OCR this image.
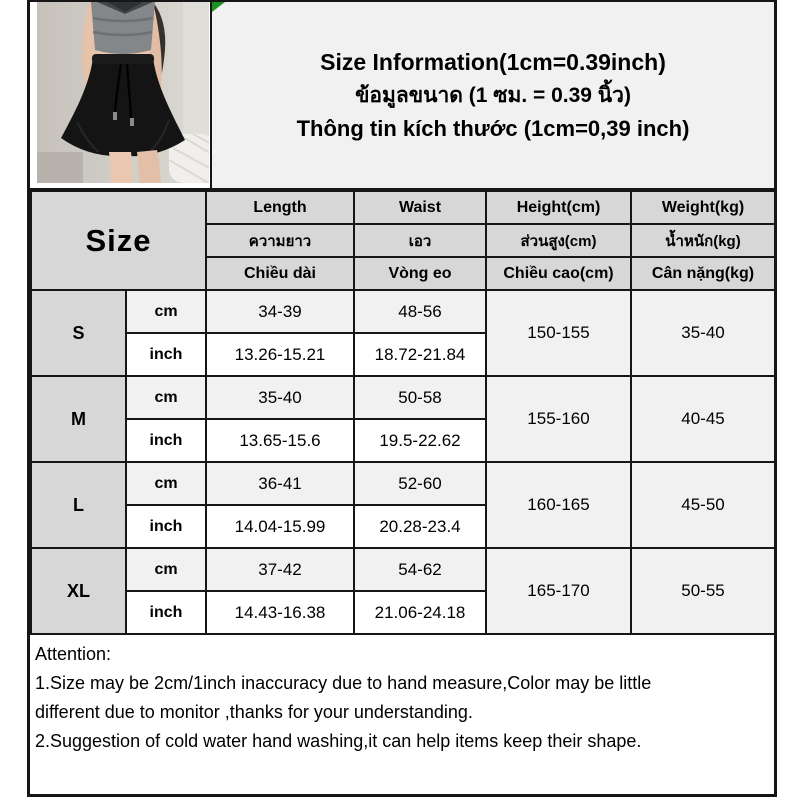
Size Information(1cm=0.39inch)
ข้อมูลขนาด (1 ซม. = 0.39 นิ้ว)
Thông tin kích thước (1cm=0,39 inch)
Size		Length	Waist	Height(cm)	Weight(kg)
		ความยาว	เอว	ส่วนสูง(cm)	น้ำหนัก(kg)
		Chiều dài	Vòng eo	Chiều cao(cm)	Cân nặng(kg)
S	cm	34-39	48-56	150-155	35-40
	inch	13.26-15.21	18.72-21.84		
M	cm	35-40	50-58	155-160	40-45
	inch	13.65-15.6	19.5-22.62		
L	cm	36-41	52-60	160-165	45-50
	inch	14.04-15.99	20.28-23.4		
XL	cm	37-42	54-62	165-170	50-55
	inch	14.43-16.38	21.06-24.18		
Attention:
1.Size may be 2cm/1inch inaccuracy due to hand measure,Color may be little
different due to monitor ,thanks for your understanding.
2.Suggestion of cold water hand washing,it can help items keep their shape.
